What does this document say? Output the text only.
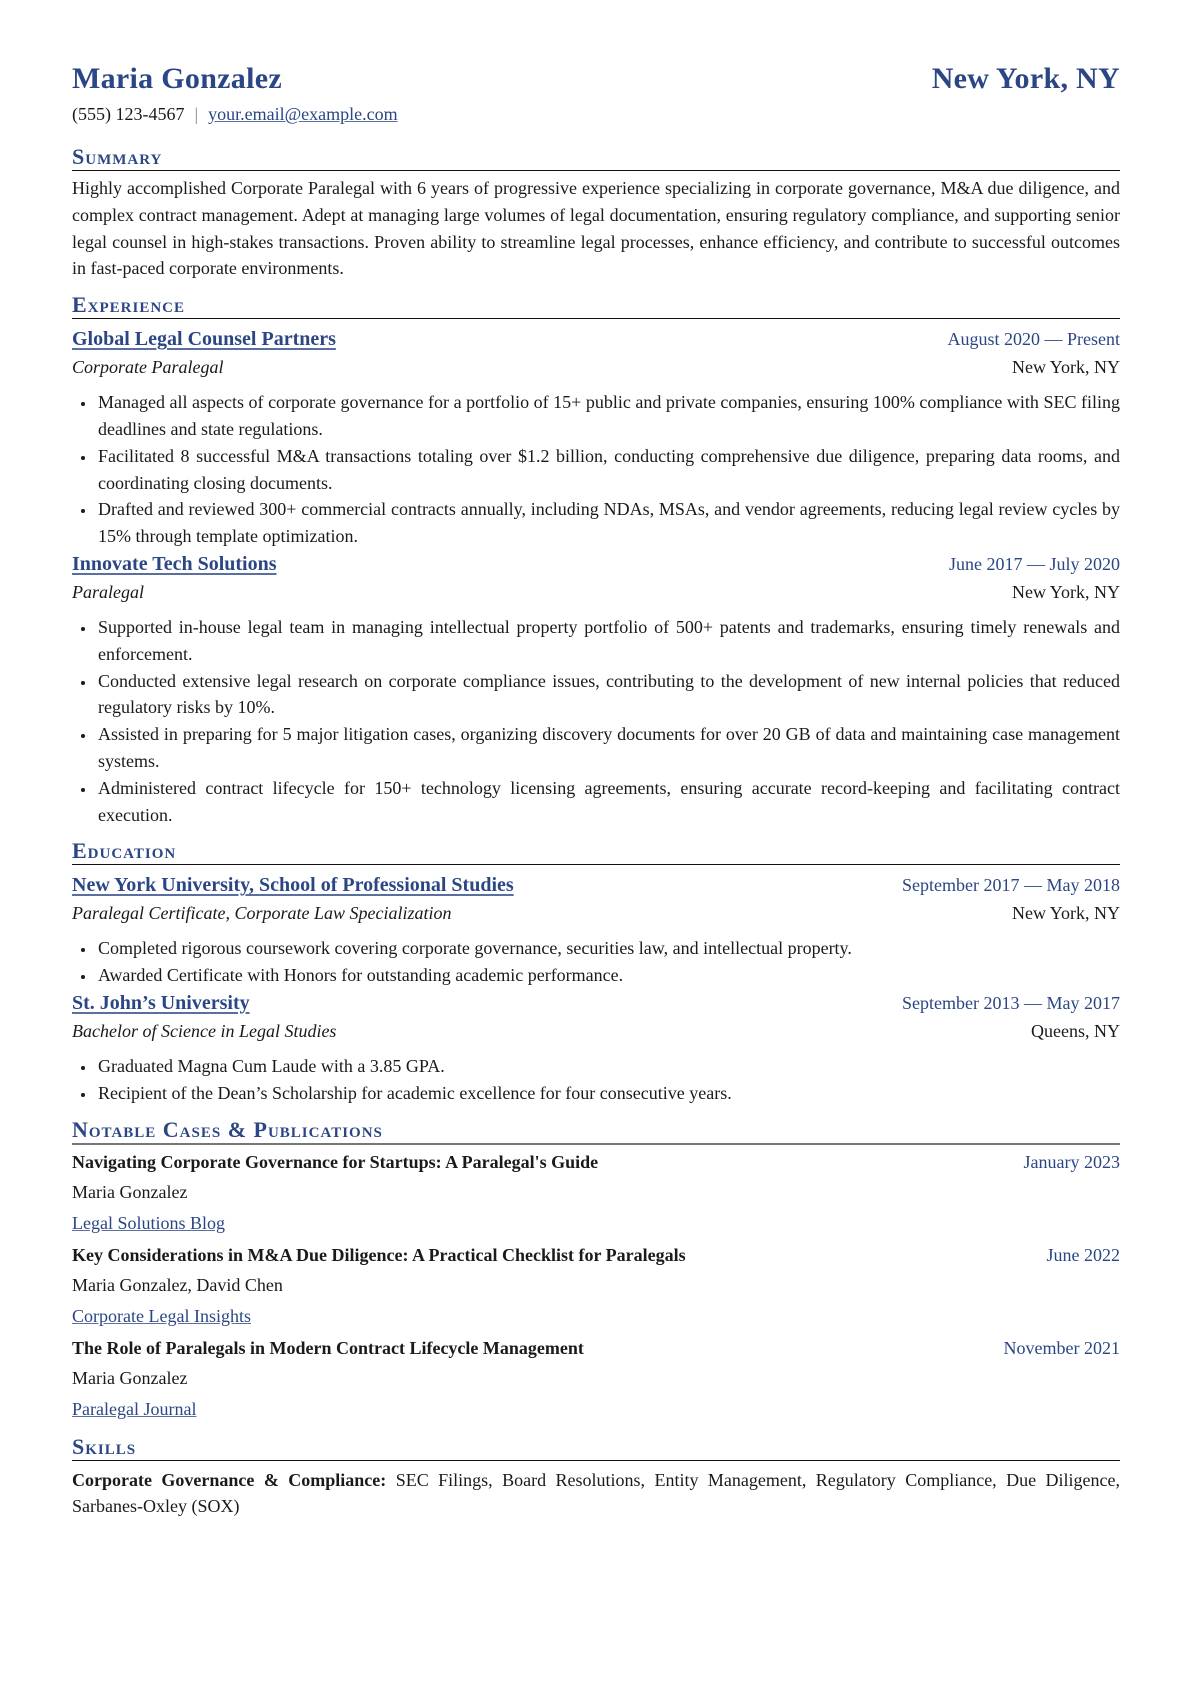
Maria Gonzalez	New York, NY
(555) 123-4567 | your.email@example.com
Summary
Highly accomplished Corporate Paralegal with 6 years of progressive experience specializing in corporate governance, M&A due diligence, and complex contract management. Adept at managing large volumes of legal documentation, ensuring regulatory compliance, and supporting senior legal counsel in high-stakes transactions. Proven ability to streamline legal processes, enhance efficiency, and contribute to successful outcomes in fast-paced corporate environments.
Experience
Global Legal Counsel Partners	August 2020 — Present
Corporate Paralegal	New York, NY
• Managed all aspects of corporate governance for a portfolio of 15+ public and private companies, ensuring 100% compliance with SEC filing deadlines and state regulations.
• Facilitated 8 successful M&A transactions totaling over $1.2 billion, conducting comprehensive due diligence, preparing data rooms, and coordinating closing documents.
• Drafted and reviewed 300+ commercial contracts annually, including NDAs, MSAs, and vendor agreements, reducing legal review cycles by 15% through template optimization.
Innovate Tech Solutions	June 2017 — July 2020
Paralegal	New York, NY
• Supported in-house legal team in managing intellectual property portfolio of 500+ patents and trademarks, ensuring timely renewals and enforcement.
• Conducted extensive legal research on corporate compliance issues, contributing to the development of new internal policies that reduced regulatory risks by 10%.
• Assisted in preparing for 5 major litigation cases, organizing discovery documents for over 20 GB of data and maintaining case management systems.
• Administered contract lifecycle for 150+ technology licensing agreements, ensuring accurate record-keeping and facilitating contract execution.
Education
New York University, School of Professional Studies	September 2017 — May 2018
Paralegal Certificate, Corporate Law Specialization	New York, NY
• Completed rigorous coursework covering corporate governance, securities law, and intellectual property.
• Awarded Certificate with Honors for outstanding academic performance.
St. John’s University	September 2013 — May 2017
Bachelor of Science in Legal Studies	Queens, NY
• Graduated Magna Cum Laude with a 3.85 GPA.
• Recipient of the Dean’s Scholarship for academic excellence for four consecutive years.
Notable Cases & Publications
Navigating Corporate Governance for Startups: A Paralegal's Guide	January 2023
Maria Gonzalez
Legal Solutions Blog
Key Considerations in M&A Due Diligence: A Practical Checklist for Paralegals	June 2022
Maria Gonzalez, David Chen
Corporate Legal Insights
The Role of Paralegals in Modern Contract Lifecycle Management	November 2021
Maria Gonzalez
Paralegal Journal
Skills
Corporate Governance & Compliance: SEC Filings, Board Resolutions, Entity Management, Regulatory Compliance, Due Diligence, Sarbanes-Oxley (SOX)
